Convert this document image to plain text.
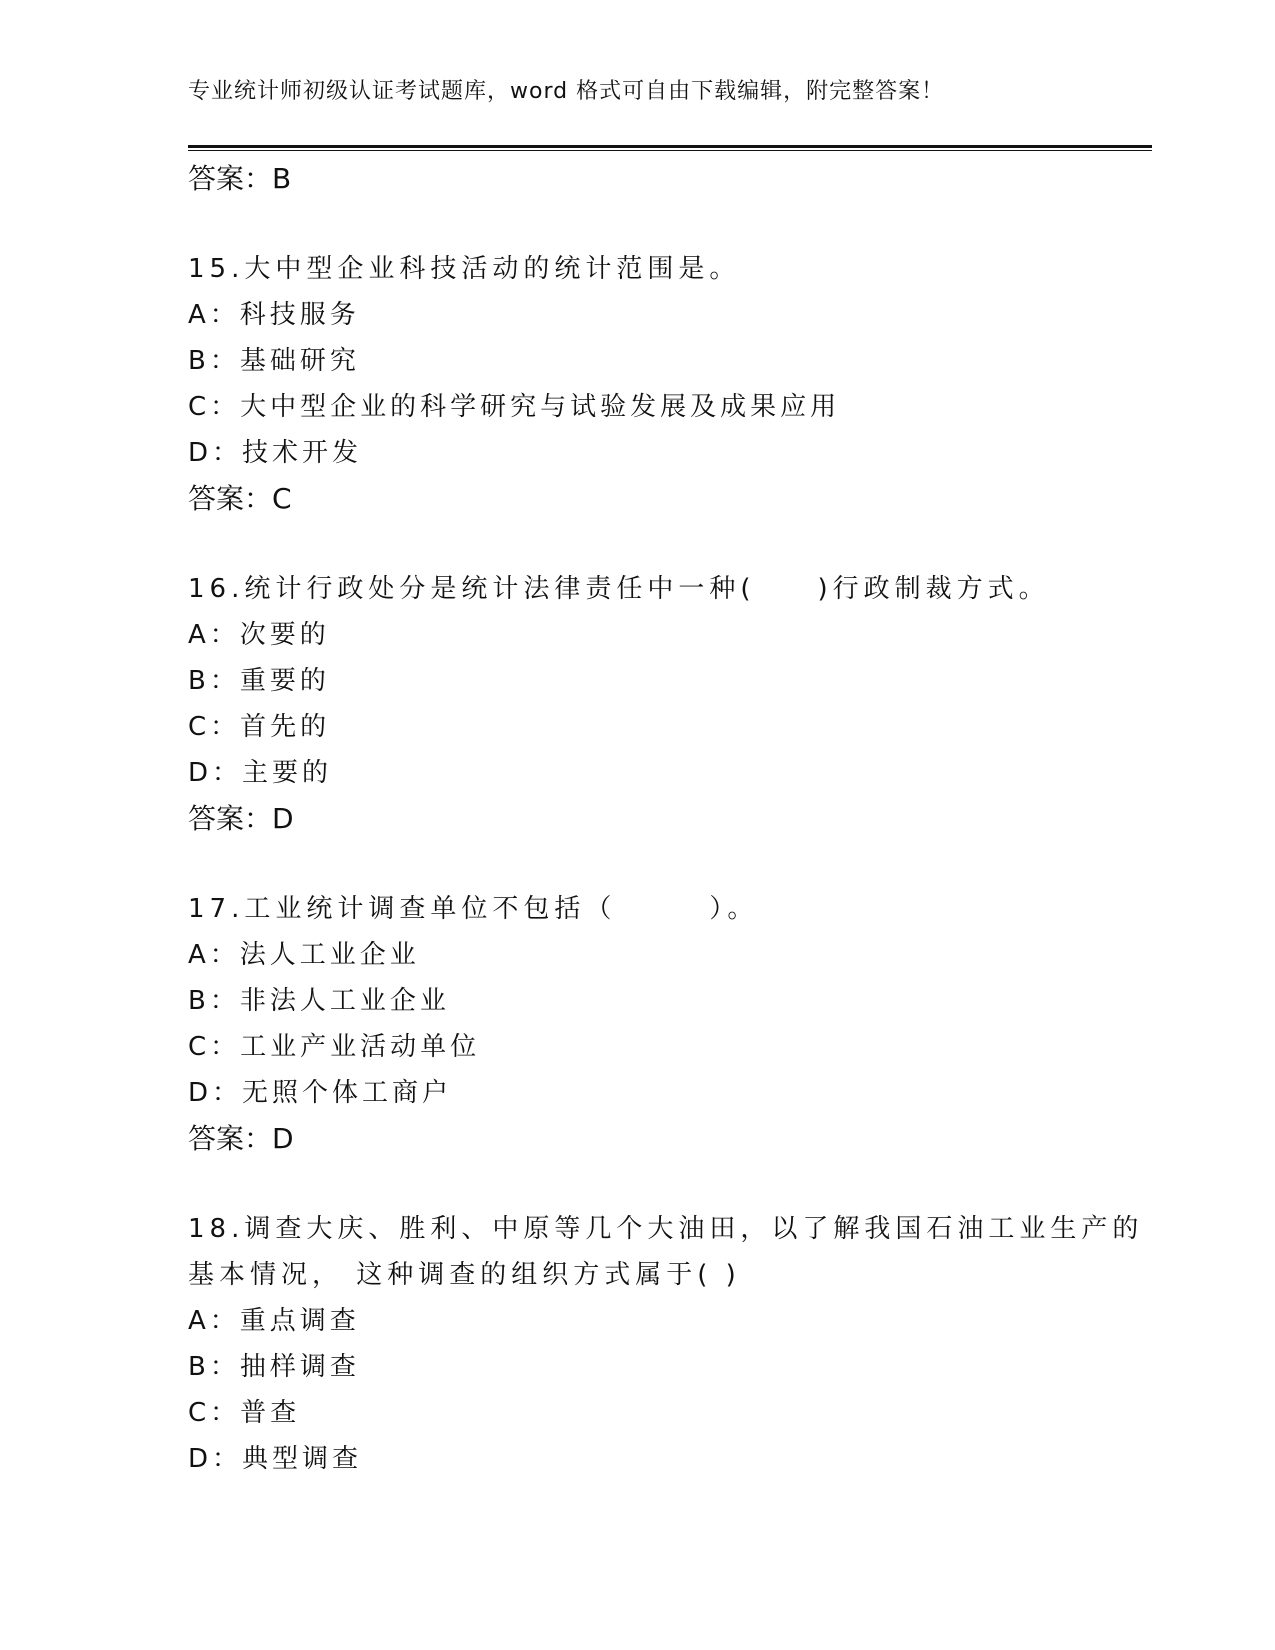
专业统计师初级认证考试题库，word 格式可自由下载编辑，附完整答案！
答案：B
15.大中型企业科技活动的统计范围是。
A：科技服务
B：基础研究
C：大中型企业的科学研究与试验发展及成果应用
D：技术开发
答案：C
16.统计行政处分是统计法律责任中一种(　　)行政制裁方式。
A：次要的
B：重要的
C：首先的
D：主要的
答案：D
17.工业统计调查单位不包括（　　　）。
A：法人工业企业
B：非法人工业企业
C：工业产业活动单位
D：无照个体工商户
答案：D
18.调查大庆、胜利、中原等几个大油田，以了解我国石油工业生产的
基本情况， 这种调查的组织方式属于( )
A：重点调查
B：抽样调查
C：普查
D：典型调查
